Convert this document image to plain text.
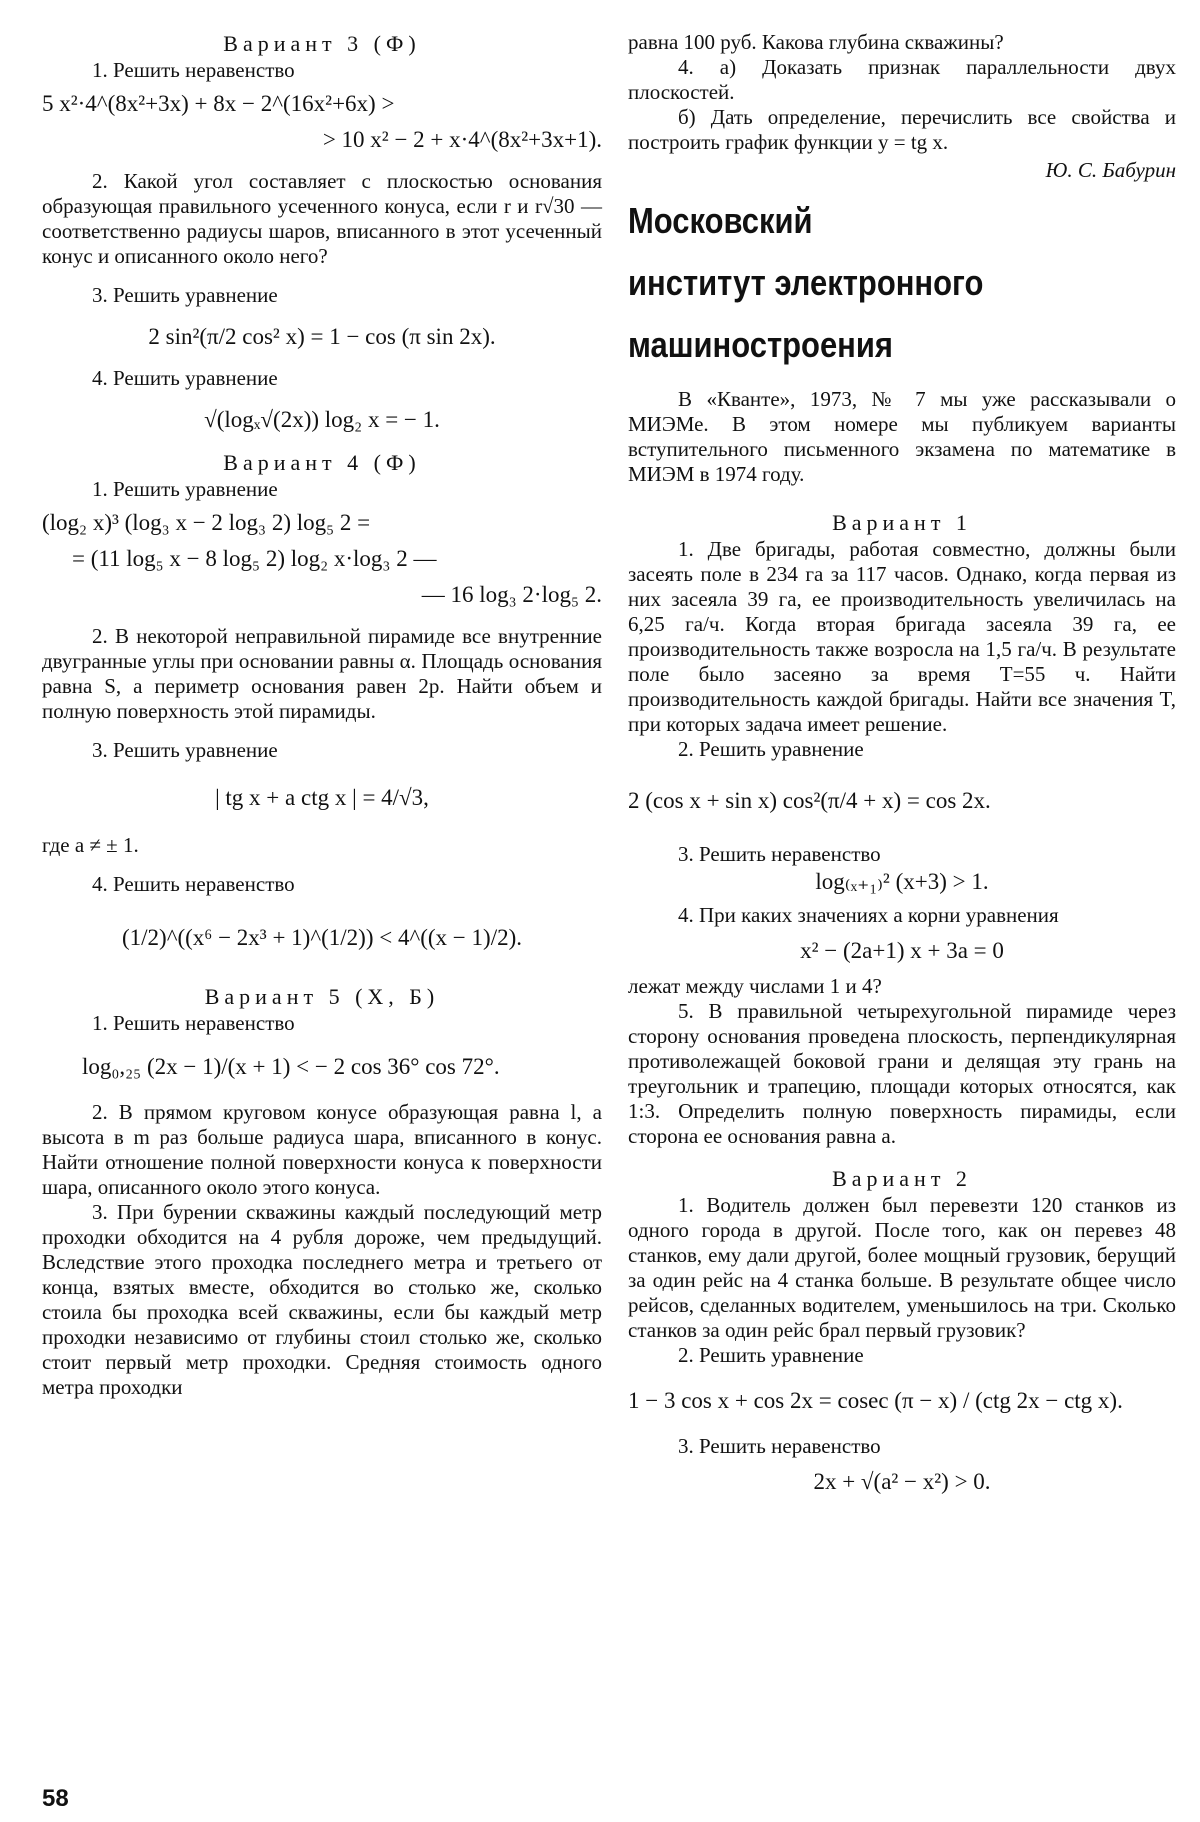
Вариант 3 (Ф)

1. Решить неравенство

5 x²·4^(8x²+3x) + 8x − 2^(16x²+6x) >
> 10 x² − 2 + x·4^(8x²+3x+1).

2. Какой угол составляет с плоскостью основания образующая правильного усеченного конуса, если r и r√30 — соответственно радиусы шаров, вписанного в этот усеченный конус и описанного около него?

3. Решить уравнение

2 sin²(π/2 cos² x) = 1 − cos (π sin 2x).

4. Решить уравнение

√(logₓ√(2x)) log₂ x = − 1.
Вариант 4 (Ф)

1. Решить уравнение

(log₂ x)³ (log₃ x − 2 log₃ 2) log₅ 2 =
= (11 log₅ x − 8 log₅ 2) log₂ x·log₃ 2 —
— 16 log₃ 2·log₅ 2.

2. В некоторой неправильной пирамиде все внутренние двугранные углы при основании равны α. Площадь основания равна S, а периметр основания равен 2p. Найти объем и полную поверхность этой пирамиды.

3. Решить уравнение

| tg x + a ctg x | = 4/√3,

где a ≠ ± 1.

4. Решить неравенство

(1/2)^((x⁶ − 2x³ + 1)^(1/2)) < 4^((x − 1)/2).
Вариант 5 (Х, Б)

1. Решить неравенство

log₀,₂₅ (2x − 1)/(x + 1) < − 2 cos 36° cos 72°.

2. В прямом круговом конусе образующая равна l, а высота в m раз больше радиуса шара, вписанного в конус. Найти отношение полной поверхности конуса к поверхности шара, описанного около этого конуса.

3. При бурении скважины каждый последующий метр проходки обходится на 4 рубля дороже, чем предыдущий. Вследствие этого проходка последнего метра и третьего от конца, взятых вместе, обходится во столько же, сколько стоила бы проходка всей скважины, если бы каждый метр проходки независимо от глубины стоил столько же, сколько стоит первый метр проходки. Средняя стоимость одного метра проходки

равна 100 руб. Какова глубина скважины?

4. а) Доказать признак параллельности двух плоскостей.

б) Дать определение, перечислить все свойства и построить график функции y = tg x.

Ю. С. Бабурин
Московский
институт электронного
машиностроения

В «Кванте», 1973, № 7 мы уже рассказывали о МИЭМе. В этом номере мы публикуем варианты вступительного письменного экзамена по математике в МИЭМ в 1974 году.

Вариант 1

1. Две бригады, работая совместно, должны были засеять поле в 234 га за 117 часов. Однако, когда первая из них засеяла 39 га, ее производительность увеличилась на 6,25 га/ч. Когда вторая бригада засеяла 39 га, ее производительность также возросла на 1,5 га/ч. В результате поле было засеяно за время T=55 ч. Найти производительность каждой бригады. Найти все значения T, при которых задача имеет решение.

2. Решить уравнение

2 (cos x + sin x) cos²(π/4 + x) = cos 2x.

3. Решить неравенство

log₍ₓ₊₁₎² (x+3) > 1.

4. При каких значениях a корни уравнения

x² − (2a+1) x + 3a = 0

лежат между числами 1 и 4?

5. В правильной четырехугольной пирамиде через сторону основания проведена плоскость, перпендикулярная противолежащей боковой грани и делящая эту грань на треугольник и трапецию, площади которых относятся, как 1:3. Определить полную поверхность пирамиды, если сторона ее основания равна a.

Вариант 2

1. Водитель должен был перевезти 120 станков из одного города в другой. После того, как он перевез 48 станков, ему дали другой, более мощный грузовик, берущий за один рейс на 4 станка больше. В результате общее число рейсов, сделанных водителем, уменьшилось на три. Сколько станков за один рейс брал первый грузовик?

2. Решить уравнение

1 − 3 cos x + cos 2x = cosec (π − x) / (ctg 2x − ctg x).

3. Решить неравенство

2x + √(a² − x²) > 0.
58
